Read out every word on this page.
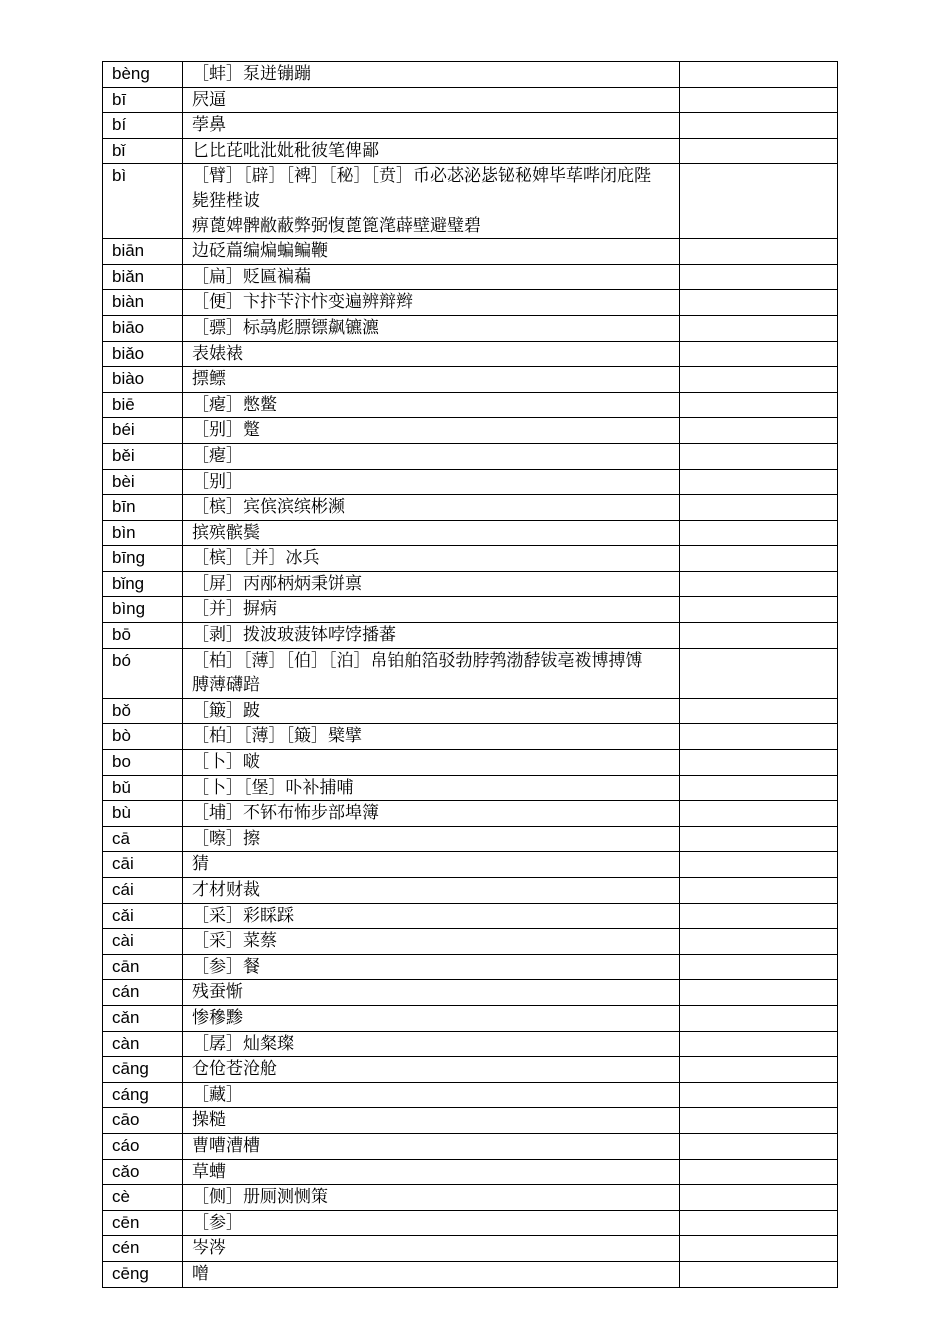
bèng	［蚌］泵迸镚蹦	

bī	屄逼	

bí	荸鼻	

bǐ	匕比芘吡沘妣秕彼笔俾鄙	

bì	［臂］［辟］［裨］［秘］［贲］币必苾泌毖铋秘婢毕荜哔闭庇陛
毙狴梐诐
痹蓖婢髀敝蔽弊弼愎蓖篦滗薜壁避璧碧	

biān	边砭萹编煸蝙鳊鞭	

biǎn	［扁］贬匾褊藊	

biàn	［便］卞抃苄汴忭变遍辨辩辫	

biāo	［骠］标骉彪膘镖飙镳瀌	

biǎo	表婊裱	

biào	摽鳔	

biē	［瘪］憋鳖	

béi	［别］蹩	

běi	［瘪］	

bèi	［别］	

bīn	［槟］宾傧滨缤彬濒	

bìn	摈殡髌鬓	

bīng	［槟］［并］冰兵	

bǐng	［屏］丙邴柄炳秉饼禀	

bìng	［并］摒病	

bō	［剥］拨波玻菠钵哱饽播蕃	

bó	［柏］［薄］［伯］［泊］帛铂舶箔驳勃脖鹁渤馞钹亳袯博搏馎
膊薄礴踣	

bǒ	［簸］跛	

bò	［柏］［薄］［簸］檗擘	

bo	［卜］啵	

bǔ	［卜］［堡］卟补捕哺	

bù	［埔］不钚布怖步部埠簿	

cā	［嚓］擦	

cāi	猜	

cái	才材财裁	

cǎi	［采］彩睬踩	

cài	［采］菜蔡	

cān	［参］餐	

cán	残蚕惭	

cǎn	惨穇黪	

càn	［孱］灿粲璨	

cāng	仓伧苍沧舱	

cáng	［藏］	

cāo	操糙	

cáo	曹嘈漕槽	

cǎo	草螬	

cè	［侧］册厕测恻策	

cēn	［参］	

cén	岑涔	

cēng	噌	
